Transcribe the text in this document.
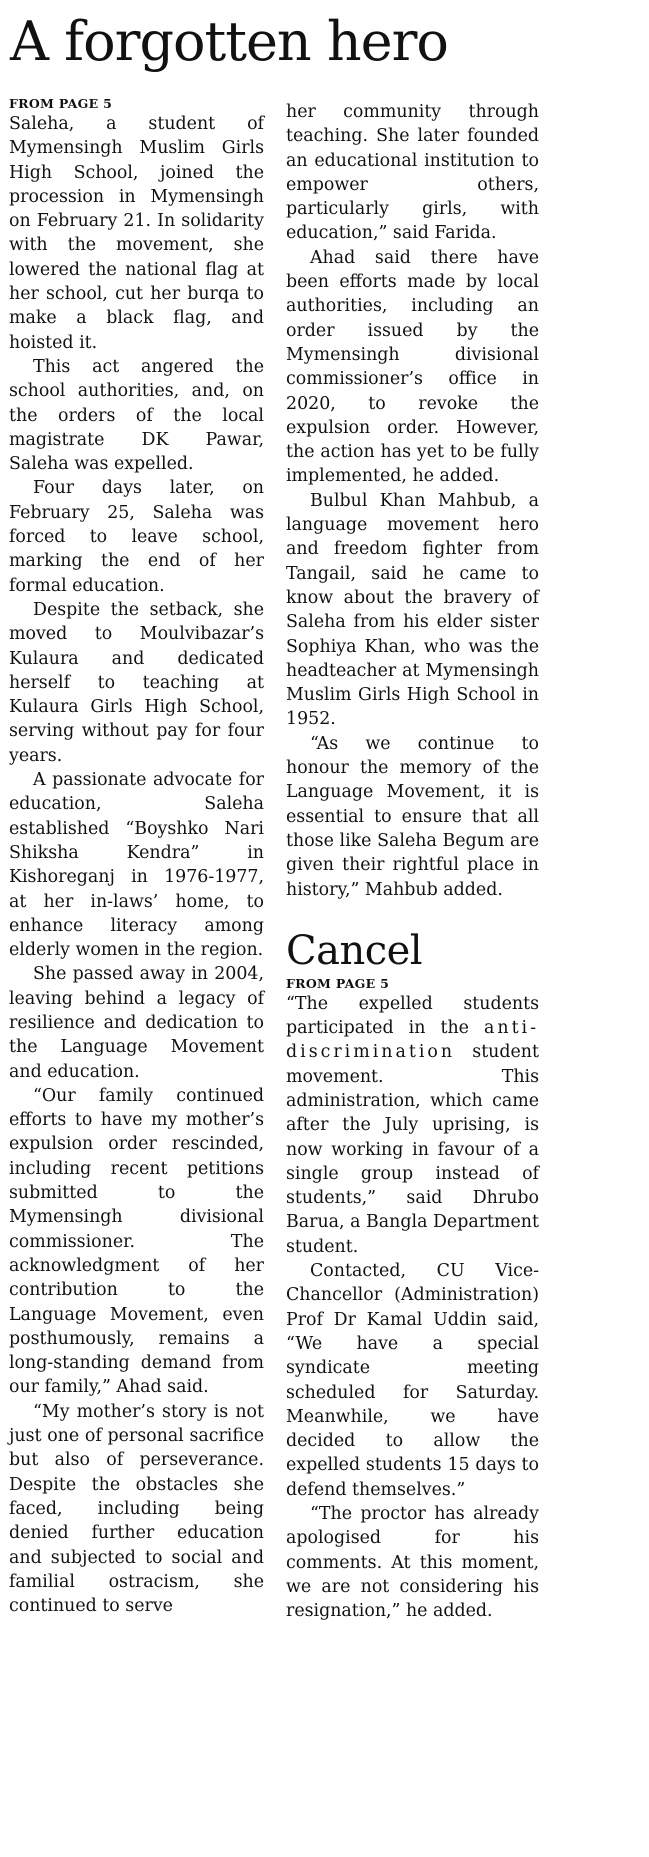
A forgotten hero

FROM PAGE 5

Saleha, a student of Mymensingh Muslim Girls High School, joined the procession in Mymensingh on February 21. In solidarity with the movement, she lowered the national flag at her school, cut her burqa to make a black flag, and hoisted it.

This act angered the school authorities, and, on the orders of the local magistrate DK Pawar, Saleha was expelled.

Four days later, on February 25, Saleha was forced to leave school, marking the end of her formal education.

Despite the setback, she moved to Moulvibazar’s Kulaura and dedicated herself to teaching at Kulaura Girls High School, serving without pay for four years.

A passionate advocate for education, Saleha established “Boyshko Nari Shiksha Kendra” in Kishoreganj in 1976-1977, at her in-laws’ home, to enhance literacy among elderly women in the region.

She passed away in 2004, leaving behind a legacy of resilience and dedication to the Language Movement and education.

“Our family continued efforts to have my mother’s expulsion order rescinded, including recent petitions submitted to the Mymensingh divisional commissioner. The acknowledgment of her contribution to the Language Movement, even posthumously, remains a long-standing demand from our family,” Ahad said.

“My mother’s story is not just one of personal sacrifice but also of perseverance. Despite the obstacles she faced, including being denied further education and subjected to social and familial ostracism, she continued to serve

her community through teaching. She later founded an educational institution to empower others, particularly girls, with education,” said Farida.

Ahad said there have been efforts made by local authorities, including an order issued by the Mymensingh divisional commissioner’s office in 2020, to revoke the expulsion order. However, the action has yet to be fully implemented, he added.

Bulbul Khan Mahbub, a language movement hero and freedom fighter from Tangail, said he came to know about the bravery of Saleha from his elder sister Sophiya Khan, who was the headteacher at Mymensingh Muslim Girls High School in 1952.

“As we continue to honour the memory of the Language Movement, it is essential to ensure that all those like Saleha Begum are given their rightful place in history,” Mahbub added.

Cancel

FROM PAGE 5

“The expelled students participated in the anti-discrimination student movement. This administration, which came after the July uprising, is now working in favour of a single group instead of students,” said Dhrubo Barua, a Bangla Department student.

Contacted, CU Vice-Chancellor (Administration) Prof Dr Kamal Uddin said, “We have a special syndicate meeting scheduled for Saturday. Meanwhile, we have decided to allow the expelled students 15 days to defend themselves.”

“The proctor has already apologised for his comments. At this moment, we are not considering his resignation,” he added.
